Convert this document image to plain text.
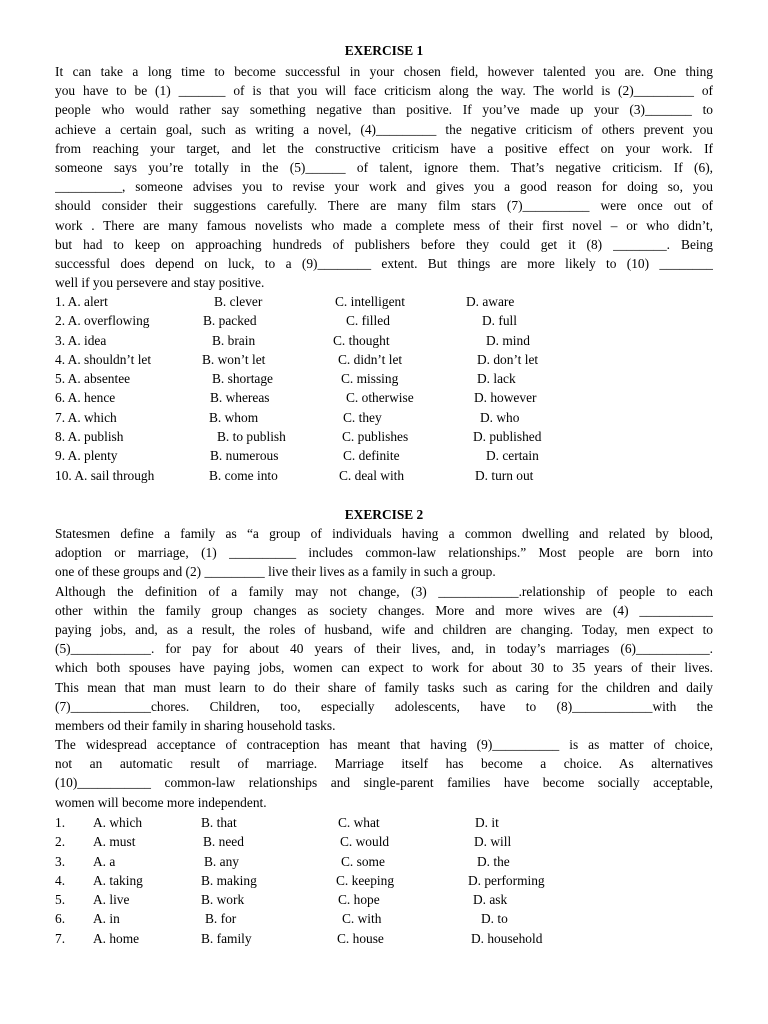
EXERCISE 1
It can take a long time to become successful in your chosen field, however talented you are. One thing
you have to be (1) _______ of is that you will face criticism along the way. The world is (2)_________ of
people who would rather say something negative than positive. If you’ve made up your (3)_______ to
achieve a certain goal, such as writing a novel, (4)_________ the negative criticism of others prevent you
from reaching your target, and let the constructive criticism have a positive effect on your work. If
someone says you’re totally in the (5)______ of talent, ignore them. That’s negative criticism. If (6),
__________, someone advises you to revise your work and gives you a good reason for doing so, you
should consider their suggestions carefully. There are many film stars (7)__________ were once out of
work . There are many famous novelists who made a complete mess of their first novel – or who didn’t,
but had to keep on approaching hundreds of publishers before they could get it (8) ________. Being
successful does depend on luck, to a (9)________ extent. But things are more likely to (10) ________
well if you persevere and stay positive.
1. A. alert	B. clever	C. intelligent	D. aware
2. A. overflowing	B. packed	C. filled	D. full
3. A. idea	B. brain	C. thought	D. mind
4. A. shouldn’t let	B. won’t let	C. didn’t let	D. don’t let
5. A. absentee	B. shortage	C. missing	D. lack
6. A. hence	B. whereas	C. otherwise	D. however
7. A. which	B. whom	C. they	D. who
8. A. publish	B. to publish	C. publishes	D. published
9. A. plenty	B. numerous	C. definite	D. certain
10. A. sail through	B. come into	C. deal with	D. turn out
EXERCISE 2
Statesmen define a family as “a group of individuals having a common dwelling and related by blood,
adoption or marriage, (1) __________ includes common-law relationships.” Most people are born into
one of these groups and (2) _________ live their lives as a family in such a group.
Although the definition of a family may not change, (3) ____________.relationship of people to each
other within the family group changes as society changes. More and more wives are (4) ___________
paying jobs, and, as a result, the roles of husband, wife and children are changing. Today, men expect to
(5)____________. for pay for about 40 years of their lives, and, in today’s marriages (6)___________.
which both spouses have paying jobs, women can expect to work for about 30 to 35 years of their lives.
This mean that man must learn to do their share of family tasks such as caring for the children and daily
(7)____________chores. Children, too, especially adolescents, have to (8)____________with the
members od their family in sharing household tasks.
The widespread acceptance of contraception has meant that having (9)__________ is as matter of choice,
not an automatic result of marriage. Marriage itself has become a choice. As alternatives
(10)___________ common-law relationships and single-parent families have become socially acceptable,
women will become more independent.
1. A. which	B. that	C. what	D. it
2. A. must	B. need	C. would	D. will
3. A. a	B. any	C. some	D. the
4. A. taking	B. making	C. keeping	D. performing
5. A. live	B. work	C. hope	D. ask
6. A. in	B. for	C. with	D. to
7. A. home	B. family	C. house	D. household
